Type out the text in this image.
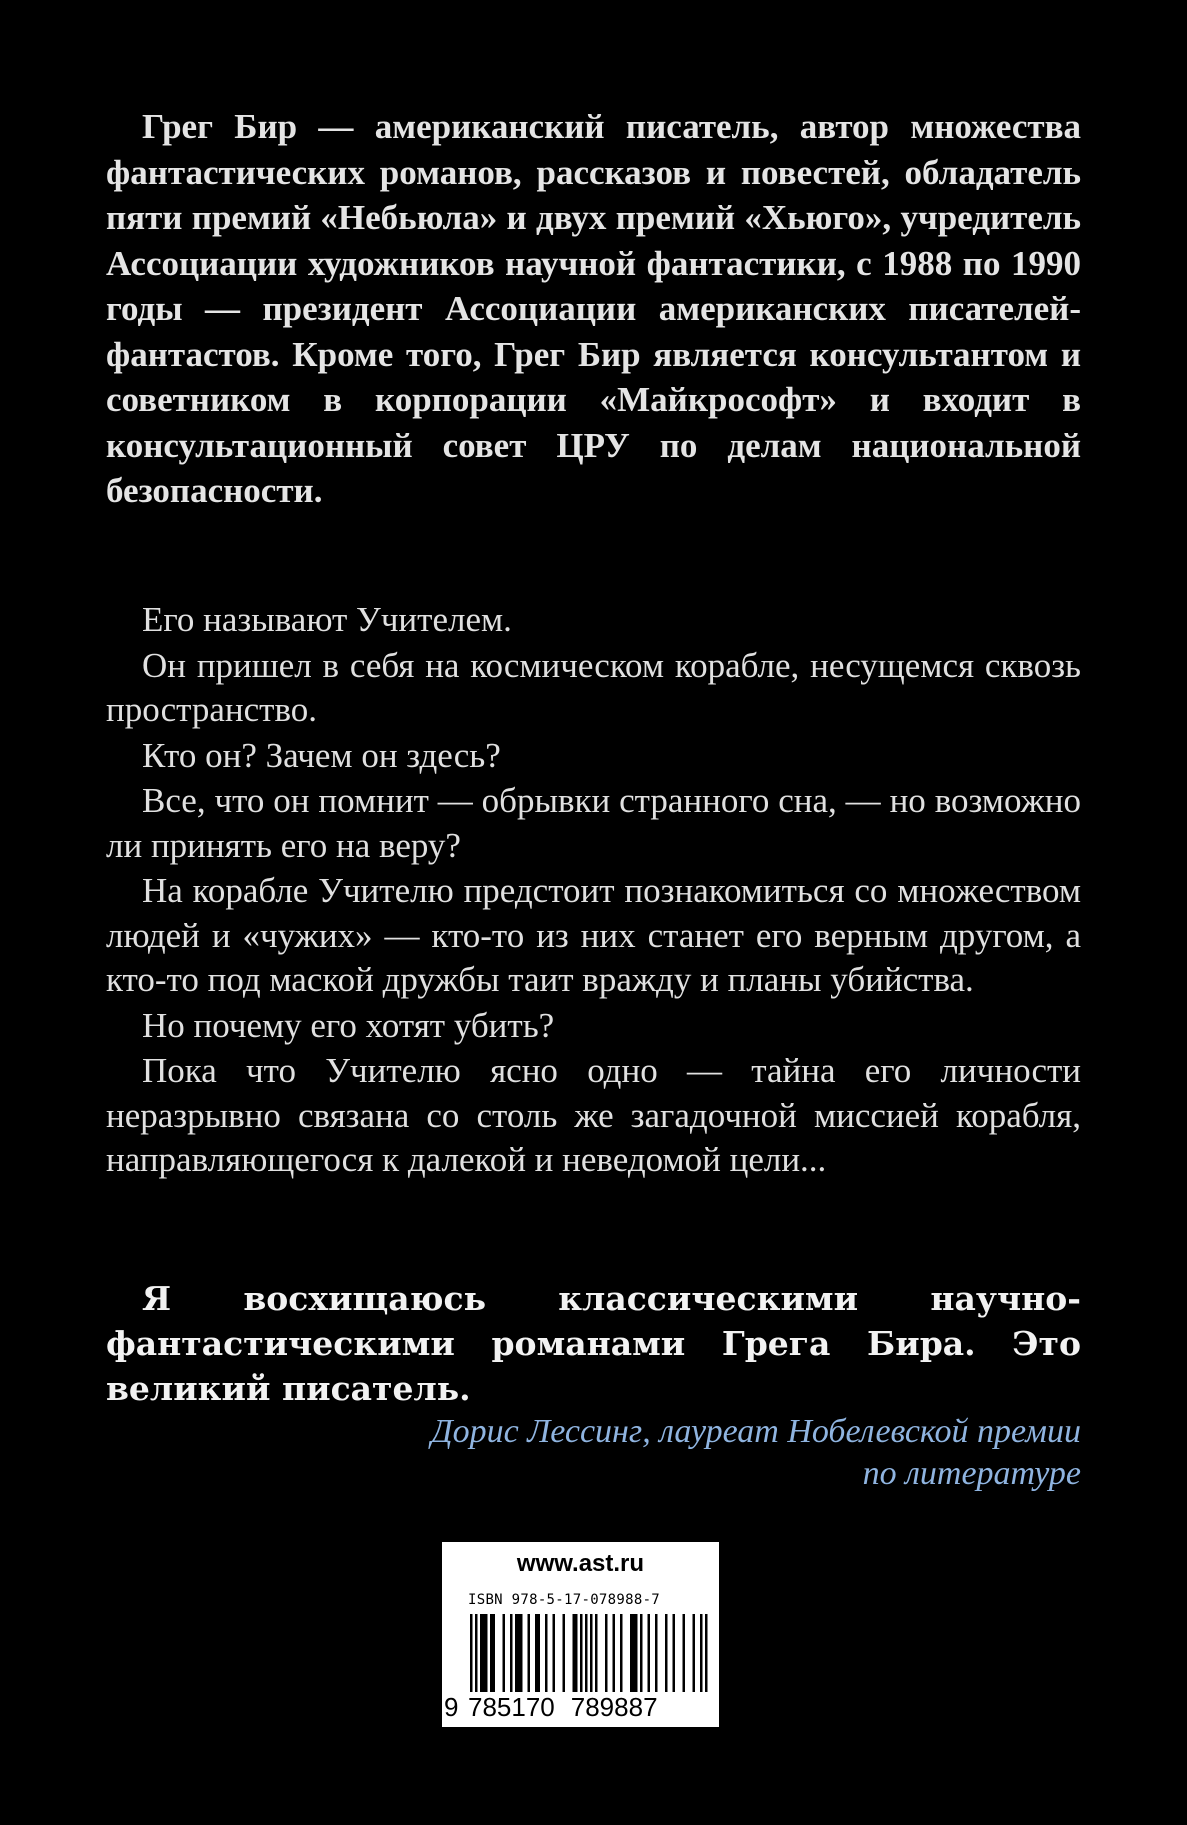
Грег Бир — американский писатель, автор множества фантастических романов, рассказов и повестей, обладатель пяти премий «Небьюла» и двух премий «Хьюго», учредитель Ассоциации художников научной фантастики, с 1988 по 1990 годы — президент Ассоциации американских писателей-фантастов. Кроме того, Грег Бир является консультантом и советником в корпорации «Майкрософт» и входит в консультационный совет ЦРУ по делам национальной безопасности.

Его называют Учителем.

Он пришел в себя на космическом корабле, несущемся сквозь пространство.

Кто он? Зачем он здесь?

Все, что он помнит — обрывки странного сна, — но возможно ли принять его на веру?

На корабле Учителю предстоит познакомиться со множеством людей и «чужих» — кто-то из них станет его верным другом, а кто-то под маской дружбы таит вражду и планы убийства.

Но почему его хотят убить?

Пока что Учителю ясно одно — тайна его личности неразрывно связана со столь же загадочной миссией корабля, направляющегося к далекой и неведомой цели...

Я восхищаюсь классическими научно-фантастическими романами Грега Бира. Это великий писатель.

Дорис Лессинг, лауреат Нобелевской премии
по литературе

www.ast.ru
ISBN 978-5-17-078988-7
9 785170 789887
